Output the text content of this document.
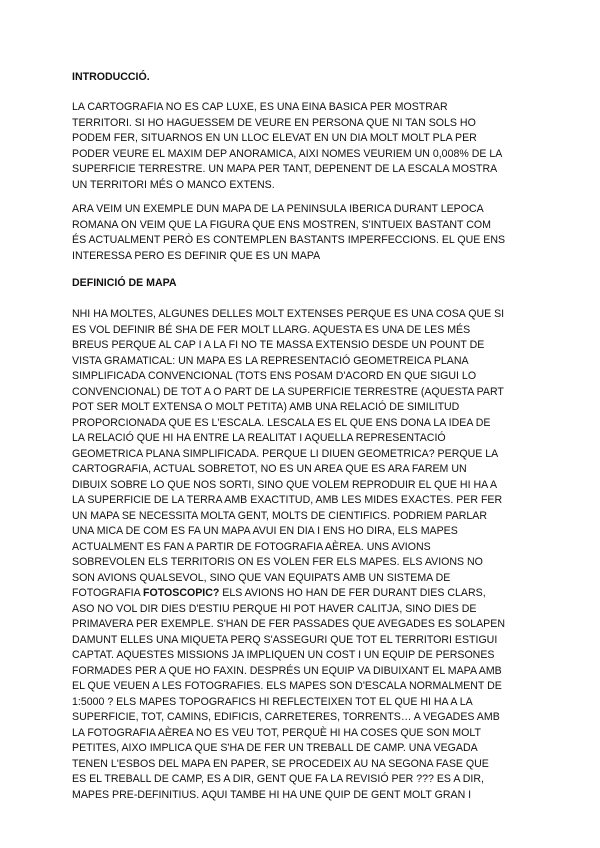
INTRODUCCIÓ.
LA CARTOGRAFIA NO ES CAP LUXE, ES UNA EINA BASICA PER MOSTRAR
TERRITORI. SI HO HAGUESSEM DE VEURE EN PERSONA QUE NI TAN SOLS HO
PODEM FER, SITUARNOS EN UN LLOC ELEVAT EN UN DIA MOLT MOLT PLA PER
PODER VEURE EL MAXIM DEP ANORAMICA, AIXI NOMES VEURIEM UN 0,008% DE LA
SUPERFICIE TERRESTRE. UN MAPA PER TANT, DEPENENT DE LA ESCALA MOSTRA
UN TERRITORI MÉS O MANCO EXTENS.
ARA VEIM UN EXEMPLE DUN MAPA DE LA PENINSULA IBERICA DURANT LEPOCA
ROMANA ON VEIM QUE LA FIGURA QUE ENS MOSTREN, S'INTUEIX BASTANT COM
ÉS ACTUALMENT PERÒ ES CONTEMPLEN BASTANTS IMPERFECCIONS. EL QUE ENS
INTERESSA PERO ES DEFINIR QUE ES UN MAPA
DEFINICIÓ DE MAPA
NHI HA MOLTES, ALGUNES DELLES MOLT EXTENSES PERQUE ES UNA COSA QUE SI
ES VOL DEFINIR BÉ SHA DE FER MOLT LLARG. AQUESTA ES UNA DE LES MÉS
BREUS PERQUE AL CAP I A LA FI NO TE MASSA EXTENSIO DESDE UN POUNT DE
VISTA GRAMATICAL: UN MAPA ES LA REPRESENTACIÓ GEOMETREICA PLANA
SIMPLIFICADA CONVENCIONAL (TOTS ENS POSAM D'ACORD EN QUE SIGUI LO
CONVENCIONAL) DE TOT A O PART DE LA SUPERFICIE TERRESTRE (AQUESTA PART
POT SER MOLT EXTENSA O MOLT PETITA) AMB UNA RELACIÓ DE SIMILITUD
PROPORCIONADA QUE ES L'ESCALA. LESCALA ES EL QUE ENS DONA LA IDEA DE
LA RELACIÓ QUE HI HA ENTRE LA REALITAT I AQUELLA REPRESENTACIÓ
GEOMETRICA PLANA SIMPLIFICADA. PERQUE LI DIUEN GEOMETRICA? PERQUE LA
CARTOGRAFIA, ACTUAL SOBRETOT, NO ES UN AREA QUE ES ARA FAREM UN
DIBUIX SOBRE LO QUE NOS SORTI, SINO QUE VOLEM REPRODUIR EL QUE HI HA A
LA SUPERFICIE DE LA TERRA AMB EXACTITUD, AMB LES MIDES EXACTES. PER FER
UN MAPA SE NECESSITA MOLTA GENT, MOLTS DE CIENTIFICS. PODRIEM PARLAR
UNA MICA DE COM ES FA UN MAPA AVUI EN DIA I ENS HO DIRA, ELS MAPES
ACTUALMENT ES FAN A PARTIR DE FOTOGRAFIA AÈREA. UNS AVIONS
SOBREVOLEN ELS TERRITORIS ON ES VOLEN FER ELS MAPES. ELS AVIONS NO
SON AVIONS QUALSEVOL, SINO QUE VAN EQUIPATS AMB UN SISTEMA DE
FOTOGRAFIA FOTOSCOPIC? ELS AVIONS HO HAN DE FER DURANT DIES CLARS,
ASO NO VOL DIR DIES D'ESTIU PERQUE HI POT HAVER CALITJA, SINO DIES DE
PRIMAVERA PER EXEMPLE. S'HAN DE FER PASSADES QUE AVEGADES ES SOLAPEN
DAMUNT ELLES UNA MIQUETA PERQ S'ASSEGURI QUE TOT EL TERRITORI ESTIGUI
CAPTAT. AQUESTES MISSIONS JA IMPLIQUEN UN COST I UN EQUIP DE PERSONES
FORMADES PER A QUE HO FAXIN. DESPRÉS UN EQUIP VA DIBUIXANT EL MAPA AMB
EL QUE VEUEN A LES FOTOGRAFIES. ELS MAPES SON D'ESCALA NORMALMENT DE
1:5000 ? ELS MAPES TOPOGRAFICS HI REFLECTEIXEN TOT EL QUE HI HA A LA
SUPERFICIE, TOT, CAMINS, EDIFICIS, CARRETERES, TORRENTS… A VEGADES AMB
LA FOTOGRAFIA AÈREA NO ES VEU TOT, PERQUÈ HI HA COSES QUE SON MOLT
PETITES, AIXO IMPLICA QUE S'HA DE FER UN TREBALL DE CAMP. UNA VEGADA
TENEN L'ESBOS DEL MAPA EN PAPER, SE PROCEDEIX AU NA SEGONA FASE QUE
ES EL TREBALL DE CAMP, ES A DIR, GENT QUE FA LA REVISIÓ PER ??? ES A DIR,
MAPES PRE-DEFINITIUS. AQUI TAMBE HI HA UNE QUIP DE GENT MOLT GRAN I
